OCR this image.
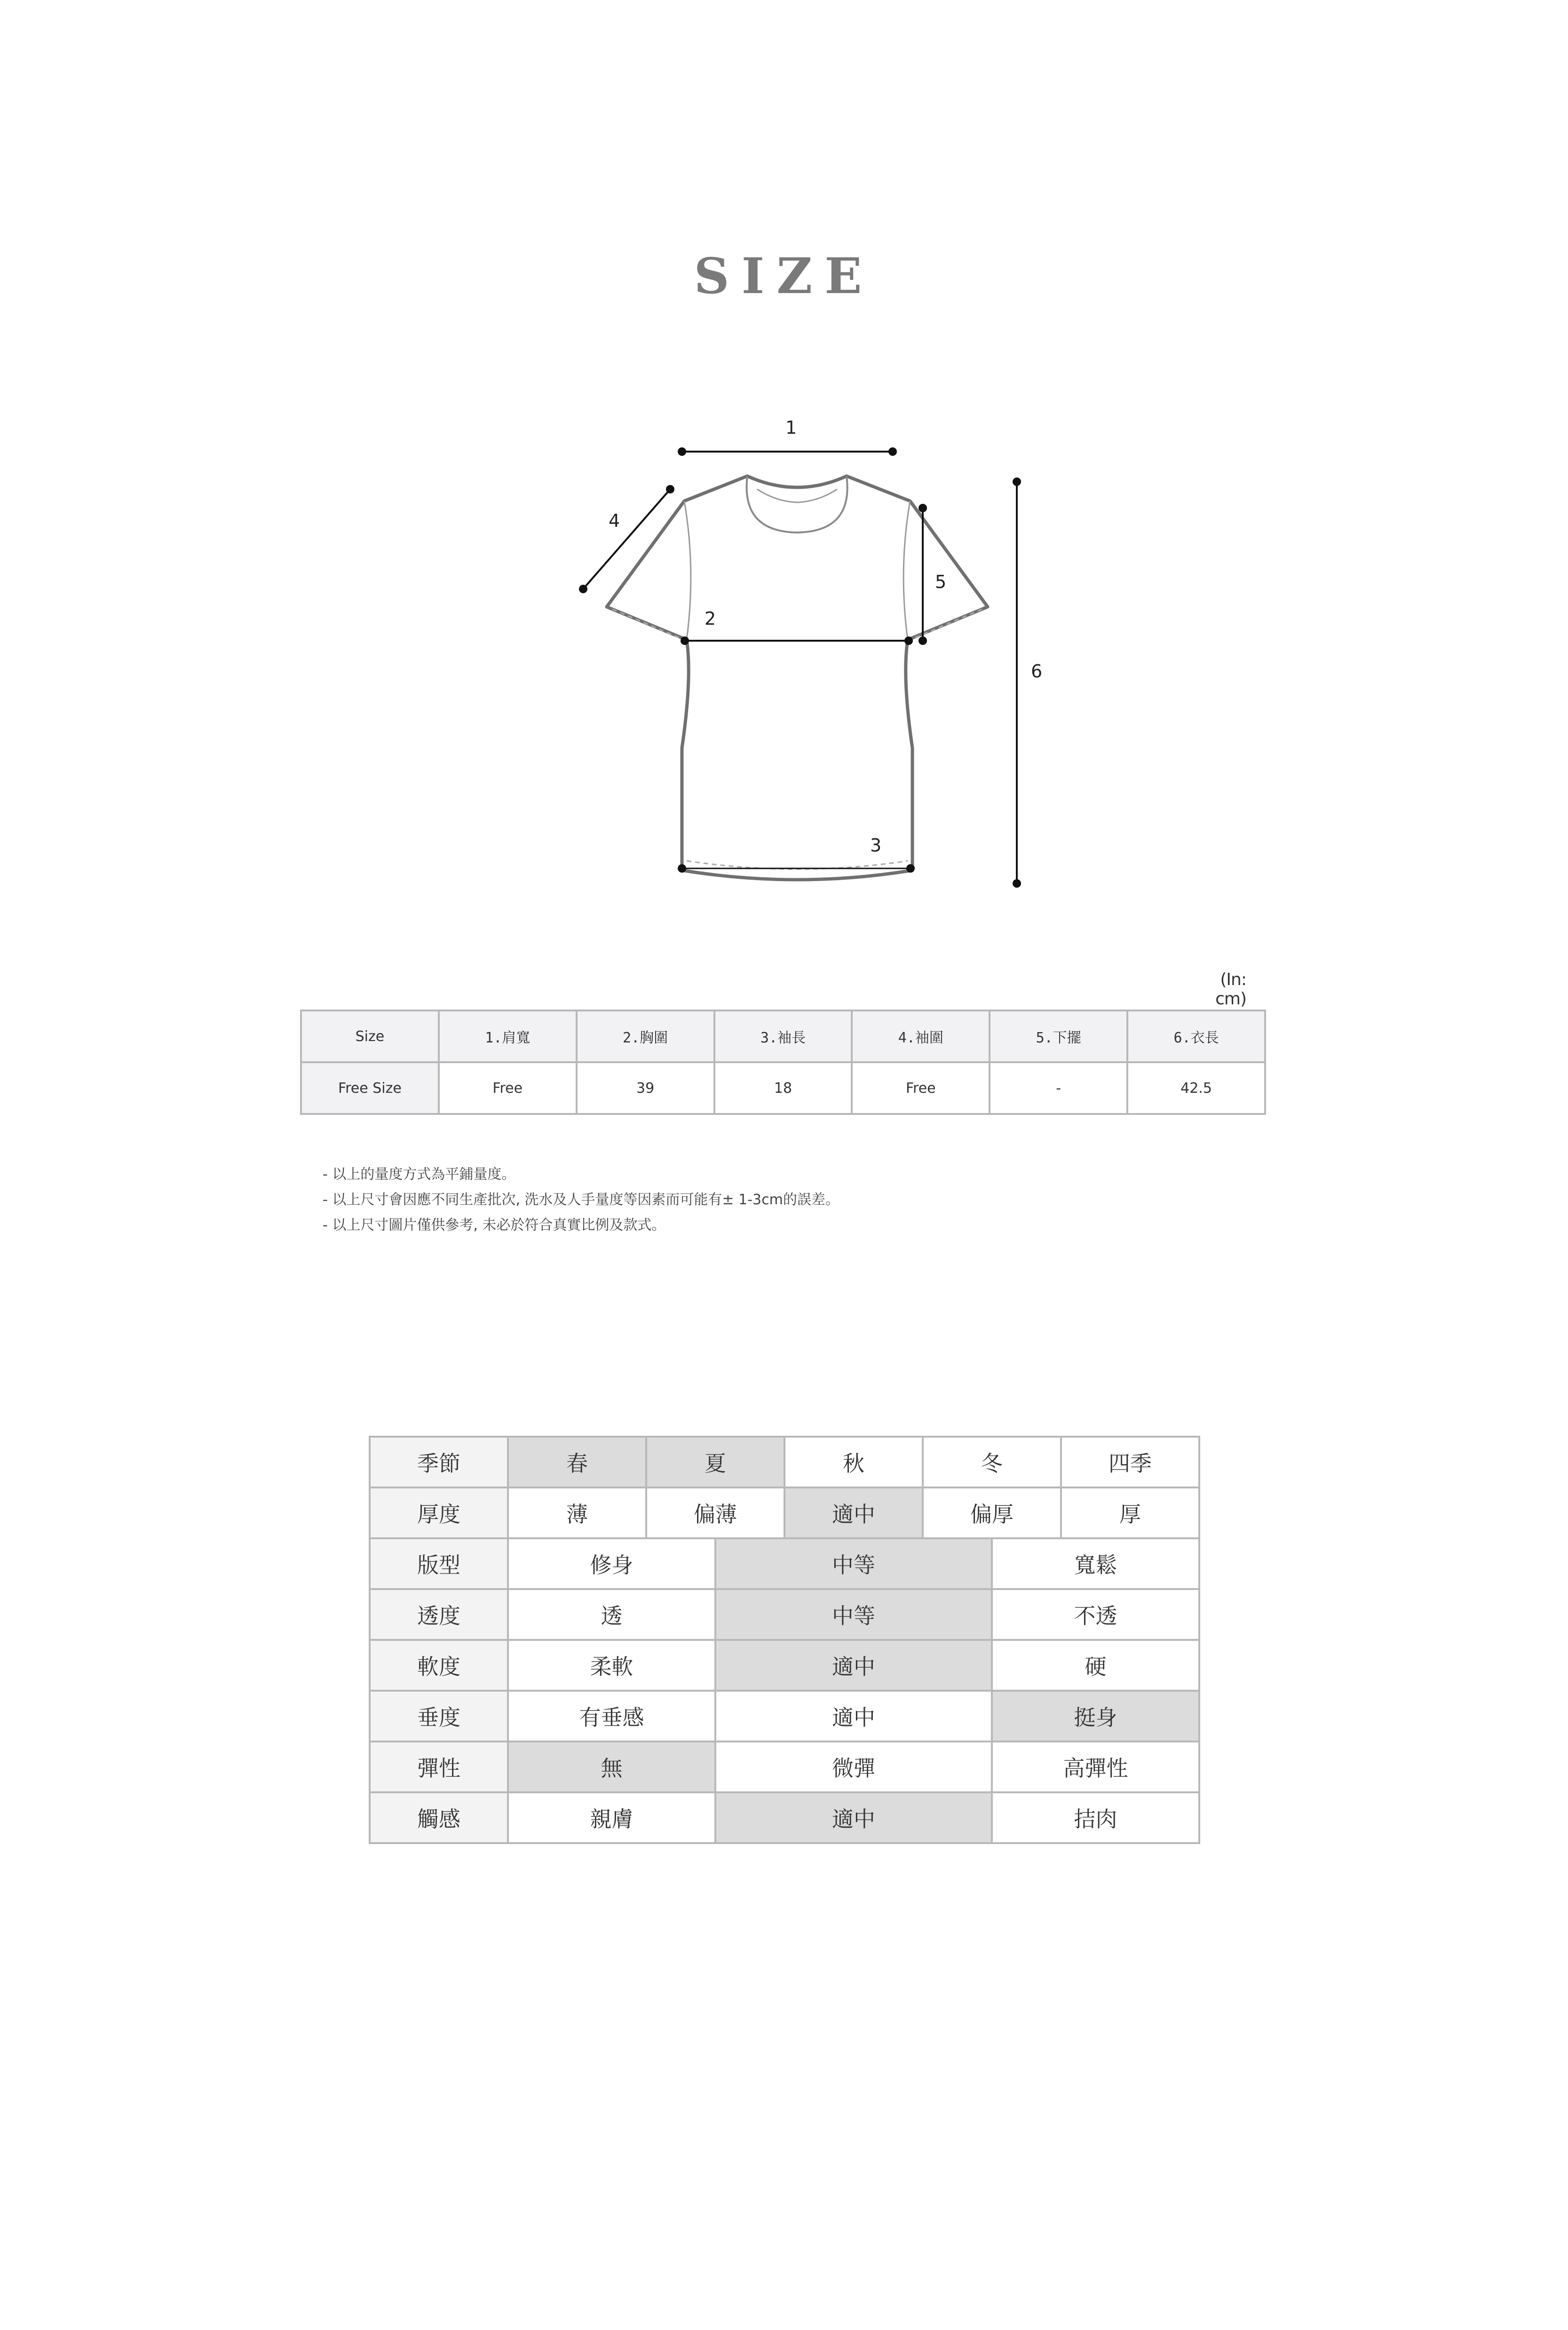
SIZE
1
4
5
2
3
6
(In: cm)
Size	1.肩寬	2.胸圍	3.袖長	4.袖圍	5.下擺	6.衣長
Free Size	Free	39	18	Free	-	42.5
- 以上的量度方式為平鋪量度。
- 以上尺寸會因應不同生產批次, 洗水及人手量度等因素而可能有± 1-3cm的誤差。
- 以上尺寸圖片僅供參考, 未必於符合真實比例及款式。
季節	春	夏		秋	冬		四季
厚度	薄	偏薄		適中	偏厚		厚
版型	修身		中等			寬鬆	
透度	透		中等			不透	
軟度	柔軟		適中			硬	
垂度	有垂感		適中			挺身	
彈性	無		微彈			高彈性	
觸感	親膚		適中			拮肉	
